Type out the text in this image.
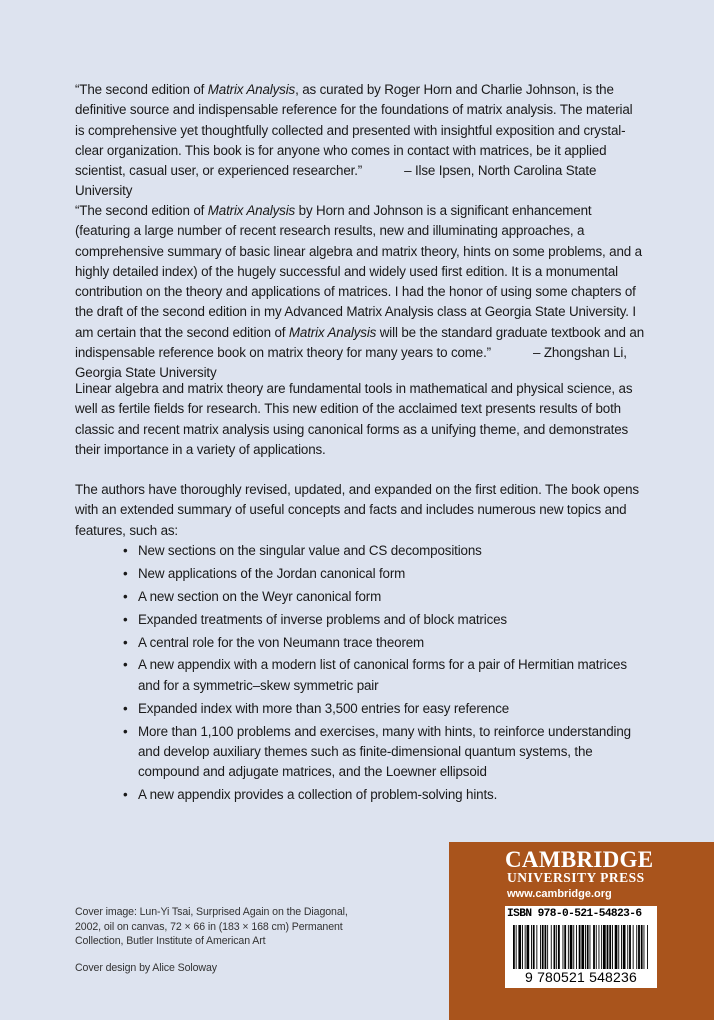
“The second edition of Matrix Analysis, as curated by Roger Horn and Charlie Johnson, is the definitive source and indispensable reference for the foundations of matrix analysis. The material is comprehensive yet thoughtfully collected and presented with insightful exposition and crystal-clear organization. This book is for anyone who comes in contact with matrices, be it applied scientist, casual user, or experienced researcher.”	– Ilse Ipsen, North Carolina State University

“The second edition of Matrix Analysis by Horn and Johnson is a significant enhancement (featuring a large number of recent research results, new and illuminating approaches, a comprehensive summary of basic linear algebra and matrix theory, hints on some problems, and a highly detailed index) of the hugely successful and widely used first edition. It is a monumental contribution on the theory and applications of matrices. I had the honor of using some chapters of the draft of the second edition in my Advanced Matrix Analysis class at Georgia State University. I am certain that the second edition of Matrix Analysis will be the standard graduate textbook and an indispensable reference book on matrix theory for many years to come.”	– Zhongshan Li, Georgia State University

Linear algebra and matrix theory are fundamental tools in mathematical and physical science, as well as fertile fields for research. This new edition of the acclaimed text presents results of both classic and recent matrix analysis using canonical forms as a unifying theme, and demonstrates their importance in a variety of applications.

The authors have thoroughly revised, updated, and expanded on the first edition. The book opens with an extended summary of useful concepts and facts and includes numerous new topics and features, such as:

• New sections on the singular value and CS decompositions
• New applications of the Jordan canonical form
• A new section on the Weyr canonical form
• Expanded treatments of inverse problems and of block matrices
• A central role for the von Neumann trace theorem
• A new appendix with a modern list of canonical forms for a pair of Hermitian matrices and for a symmetric–skew symmetric pair
• Expanded index with more than 3,500 entries for easy reference
• More than 1,100 problems and exercises, many with hints, to reinforce understanding and develop auxiliary themes such as finite-dimensional quantum systems, the compound and adjugate matrices, and the Loewner ellipsoid
• A new appendix provides a collection of problem-solving hints.
Cover image: Lun-Yi Tsai, Surprised Again on the Diagonal, 2002, oil on canvas, 72 × 66 in (183 × 168 cm) Permanent Collection, Butler Institute of American Art
Cover design by Alice Soloway
CAMBRIDGE
UNIVERSITY PRESS
www.cambridge.org
ISBN 978-0-521-54823-6
9 780521 548236
